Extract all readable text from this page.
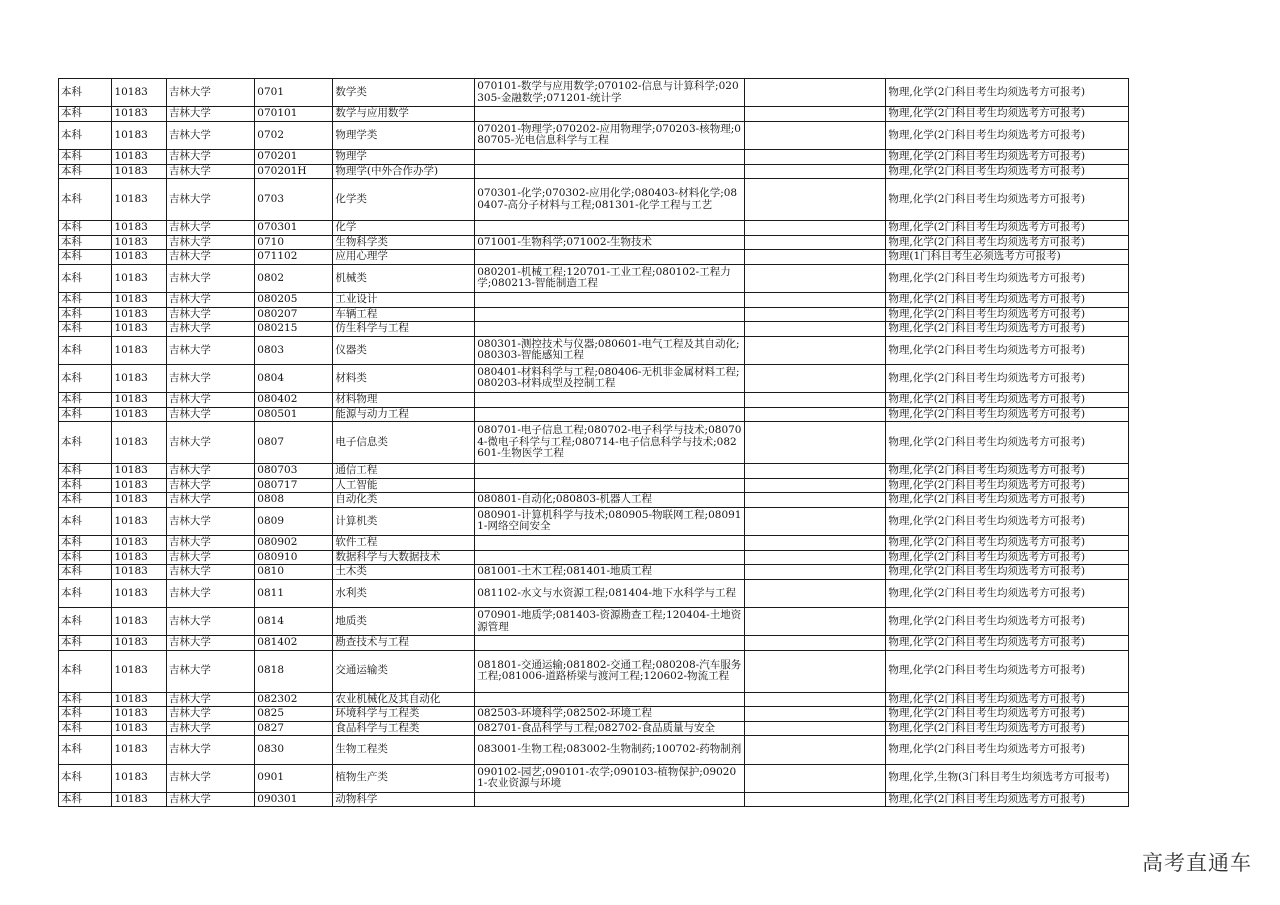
本科	10183	吉林大学	0701	数学类	070101-数学与应用数学;070102-信息与计算科学;020305-金融数学;071201-统计学		物理,化学(2门科目考生均须选考方可报考)
本科	10183	吉林大学	070101	数学与应用数学			物理,化学(2门科目考生均须选考方可报考)
本科	10183	吉林大学	0702	物理学类	070201-物理学;070202-应用物理学;070203-核物理;080705-光电信息科学与工程		物理,化学(2门科目考生均须选考方可报考)
本科	10183	吉林大学	070201	物理学			物理,化学(2门科目考生均须选考方可报考)
本科	10183	吉林大学	070201H	物理学(中外合作办学)			物理,化学(2门科目考生均须选考方可报考)
本科	10183	吉林大学	0703	化学类	070301-化学;070302-应用化学;080403-材料化学;080407-高分子材料与工程;081301-化学工程与工艺		物理,化学(2门科目考生均须选考方可报考)
本科	10183	吉林大学	070301	化学			物理,化学(2门科目考生均须选考方可报考)
本科	10183	吉林大学	0710	生物科学类	071001-生物科学;071002-生物技术		物理,化学(2门科目考生均须选考方可报考)
本科	10183	吉林大学	071102	应用心理学			物理(1门科目考生必须选考方可报考)
本科	10183	吉林大学	0802	机械类	080201-机械工程;120701-工业工程;080102-工程力学;080213-智能制造工程		物理,化学(2门科目考生均须选考方可报考)
本科	10183	吉林大学	080205	工业设计			物理,化学(2门科目考生均须选考方可报考)
本科	10183	吉林大学	080207	车辆工程			物理,化学(2门科目考生均须选考方可报考)
本科	10183	吉林大学	080215	仿生科学与工程			物理,化学(2门科目考生均须选考方可报考)
本科	10183	吉林大学	0803	仪器类	080301-测控技术与仪器;080601-电气工程及其自动化;080303-智能感知工程		物理,化学(2门科目考生均须选考方可报考)
本科	10183	吉林大学	0804	材料类	080401-材料科学与工程;080406-无机非金属材料工程;080203-材料成型及控制工程		物理,化学(2门科目考生均须选考方可报考)
本科	10183	吉林大学	080402	材料物理			物理,化学(2门科目考生均须选考方可报考)
本科	10183	吉林大学	080501	能源与动力工程			物理,化学(2门科目考生均须选考方可报考)
本科	10183	吉林大学	0807	电子信息类	080701-电子信息工程;080702-电子科学与技术;080704-微电子科学与工程;080714-电子信息科学与技术;082601-生物医学工程		物理,化学(2门科目考生均须选考方可报考)
本科	10183	吉林大学	080703	通信工程			物理,化学(2门科目考生均须选考方可报考)
本科	10183	吉林大学	080717	人工智能			物理,化学(2门科目考生均须选考方可报考)
本科	10183	吉林大学	0808	自动化类	080801-自动化;080803-机器人工程		物理,化学(2门科目考生均须选考方可报考)
本科	10183	吉林大学	0809	计算机类	080901-计算机科学与技术;080905-物联网工程;080911-网络空间安全		物理,化学(2门科目考生均须选考方可报考)
本科	10183	吉林大学	080902	软件工程			物理,化学(2门科目考生均须选考方可报考)
本科	10183	吉林大学	080910	数据科学与大数据技术			物理,化学(2门科目考生均须选考方可报考)
本科	10183	吉林大学	0810	土木类	081001-土木工程;081401-地质工程		物理,化学(2门科目考生均须选考方可报考)
本科	10183	吉林大学	0811	水利类	081102-水文与水资源工程;081404-地下水科学与工程		物理,化学(2门科目考生均须选考方可报考)
本科	10183	吉林大学	0814	地质类	070901-地质学;081403-资源勘查工程;120404-土地资源管理		物理,化学(2门科目考生均须选考方可报考)
本科	10183	吉林大学	081402	勘查技术与工程			物理,化学(2门科目考生均须选考方可报考)
本科	10183	吉林大学	0818	交通运输类	081801-交通运输;081802-交通工程;080208-汽车服务工程;081006-道路桥梁与渡河工程;120602-物流工程		物理,化学(2门科目考生均须选考方可报考)
本科	10183	吉林大学	082302	农业机械化及其自动化			物理,化学(2门科目考生均须选考方可报考)
本科	10183	吉林大学	0825	环境科学与工程类	082503-环境科学;082502-环境工程		物理,化学(2门科目考生均须选考方可报考)
本科	10183	吉林大学	0827	食品科学与工程类	082701-食品科学与工程;082702-食品质量与安全		物理,化学(2门科目考生均须选考方可报考)
本科	10183	吉林大学	0830	生物工程类	083001-生物工程;083002-生物制药;100702-药物制剂		物理,化学(2门科目考生均须选考方可报考)
本科	10183	吉林大学	0901	植物生产类	090102-园艺;090101-农学;090103-植物保护;090201-农业资源与环境		物理,化学,生物(3门科目考生均须选考方可报考)
本科	10183	吉林大学	090301	动物科学			物理,化学(2门科目考生均须选考方可报考)
高考直通车
